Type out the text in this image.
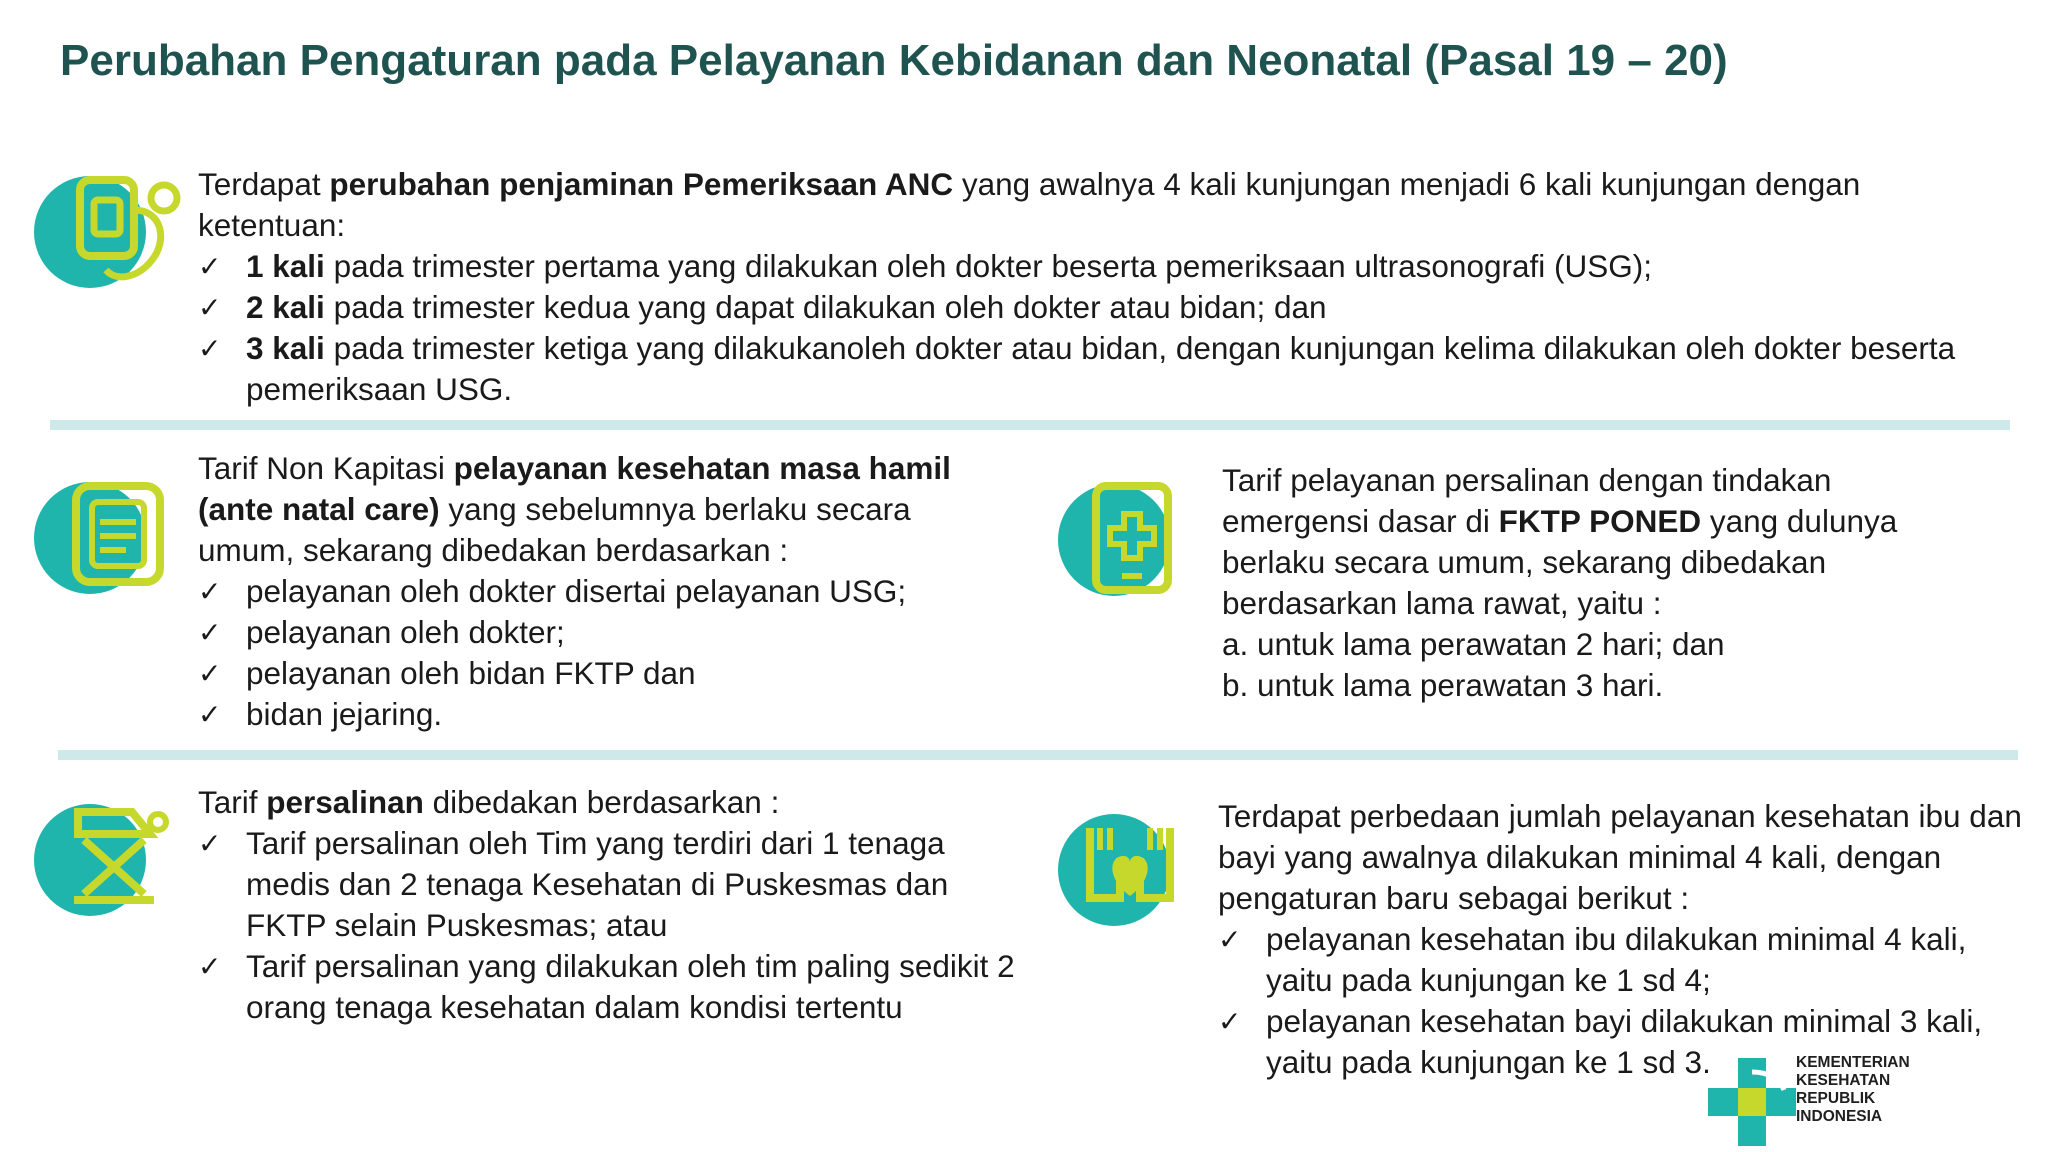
Perubahan Pengaturan pada Pelayanan Kebidanan dan Neonatal (Pasal 19 – 20)

Terdapat perubahan penjaminan Pemeriksaan ANC yang awalnya 4 kali kunjungan menjadi 6 kali kunjungan dengan ketentuan:

✓ 1 kali pada trimester pertama yang dilakukan oleh dokter beserta pemeriksaan ultrasonografi (USG);
✓ 2 kali pada trimester kedua yang dapat dilakukan oleh dokter atau bidan; dan
✓ 3 kali pada trimester ketiga yang dilakukanoleh dokter atau bidan, dengan kunjungan kelima dilakukan oleh dokter beserta pemeriksaan USG.

Tarif Non Kapitasi pelayanan kesehatan masa hamil (ante natal care) yang sebelumnya berlaku secara umum, sekarang dibedakan berdasarkan :

✓ pelayanan oleh dokter disertai pelayanan USG;
✓ pelayanan oleh dokter;
✓ pelayanan oleh bidan FKTP dan
✓ bidan jejaring.

Tarif pelayanan persalinan dengan tindakan emergensi dasar di FKTP PONED yang dulunya berlaku secara umum, sekarang dibedakan berdasarkan lama rawat, yaitu :

a. untuk lama perawatan 2 hari; dan
b. untuk lama perawatan 3 hari.

Tarif persalinan dibedakan berdasarkan :

✓ Tarif persalinan oleh Tim yang terdiri dari 1 tenaga medis dan 2 tenaga Kesehatan di Puskesmas dan FKTP selain Puskesmas; atau
✓ Tarif persalinan yang dilakukan oleh tim paling sedikit 2 orang tenaga kesehatan dalam kondisi tertentu

Terdapat perbedaan jumlah pelayanan kesehatan ibu dan bayi yang awalnya dilakukan minimal 4 kali, dengan pengaturan baru sebagai berikut :

✓ pelayanan kesehatan ibu dilakukan minimal 4 kali, yaitu pada kunjungan ke 1 sd 4;
✓ pelayanan kesehatan bayi dilakukan minimal 3 kali, yaitu pada kunjungan ke 1 sd 3.	KEMENTERIAN
KESEHATAN
REPUBLIK
INDONESIA
